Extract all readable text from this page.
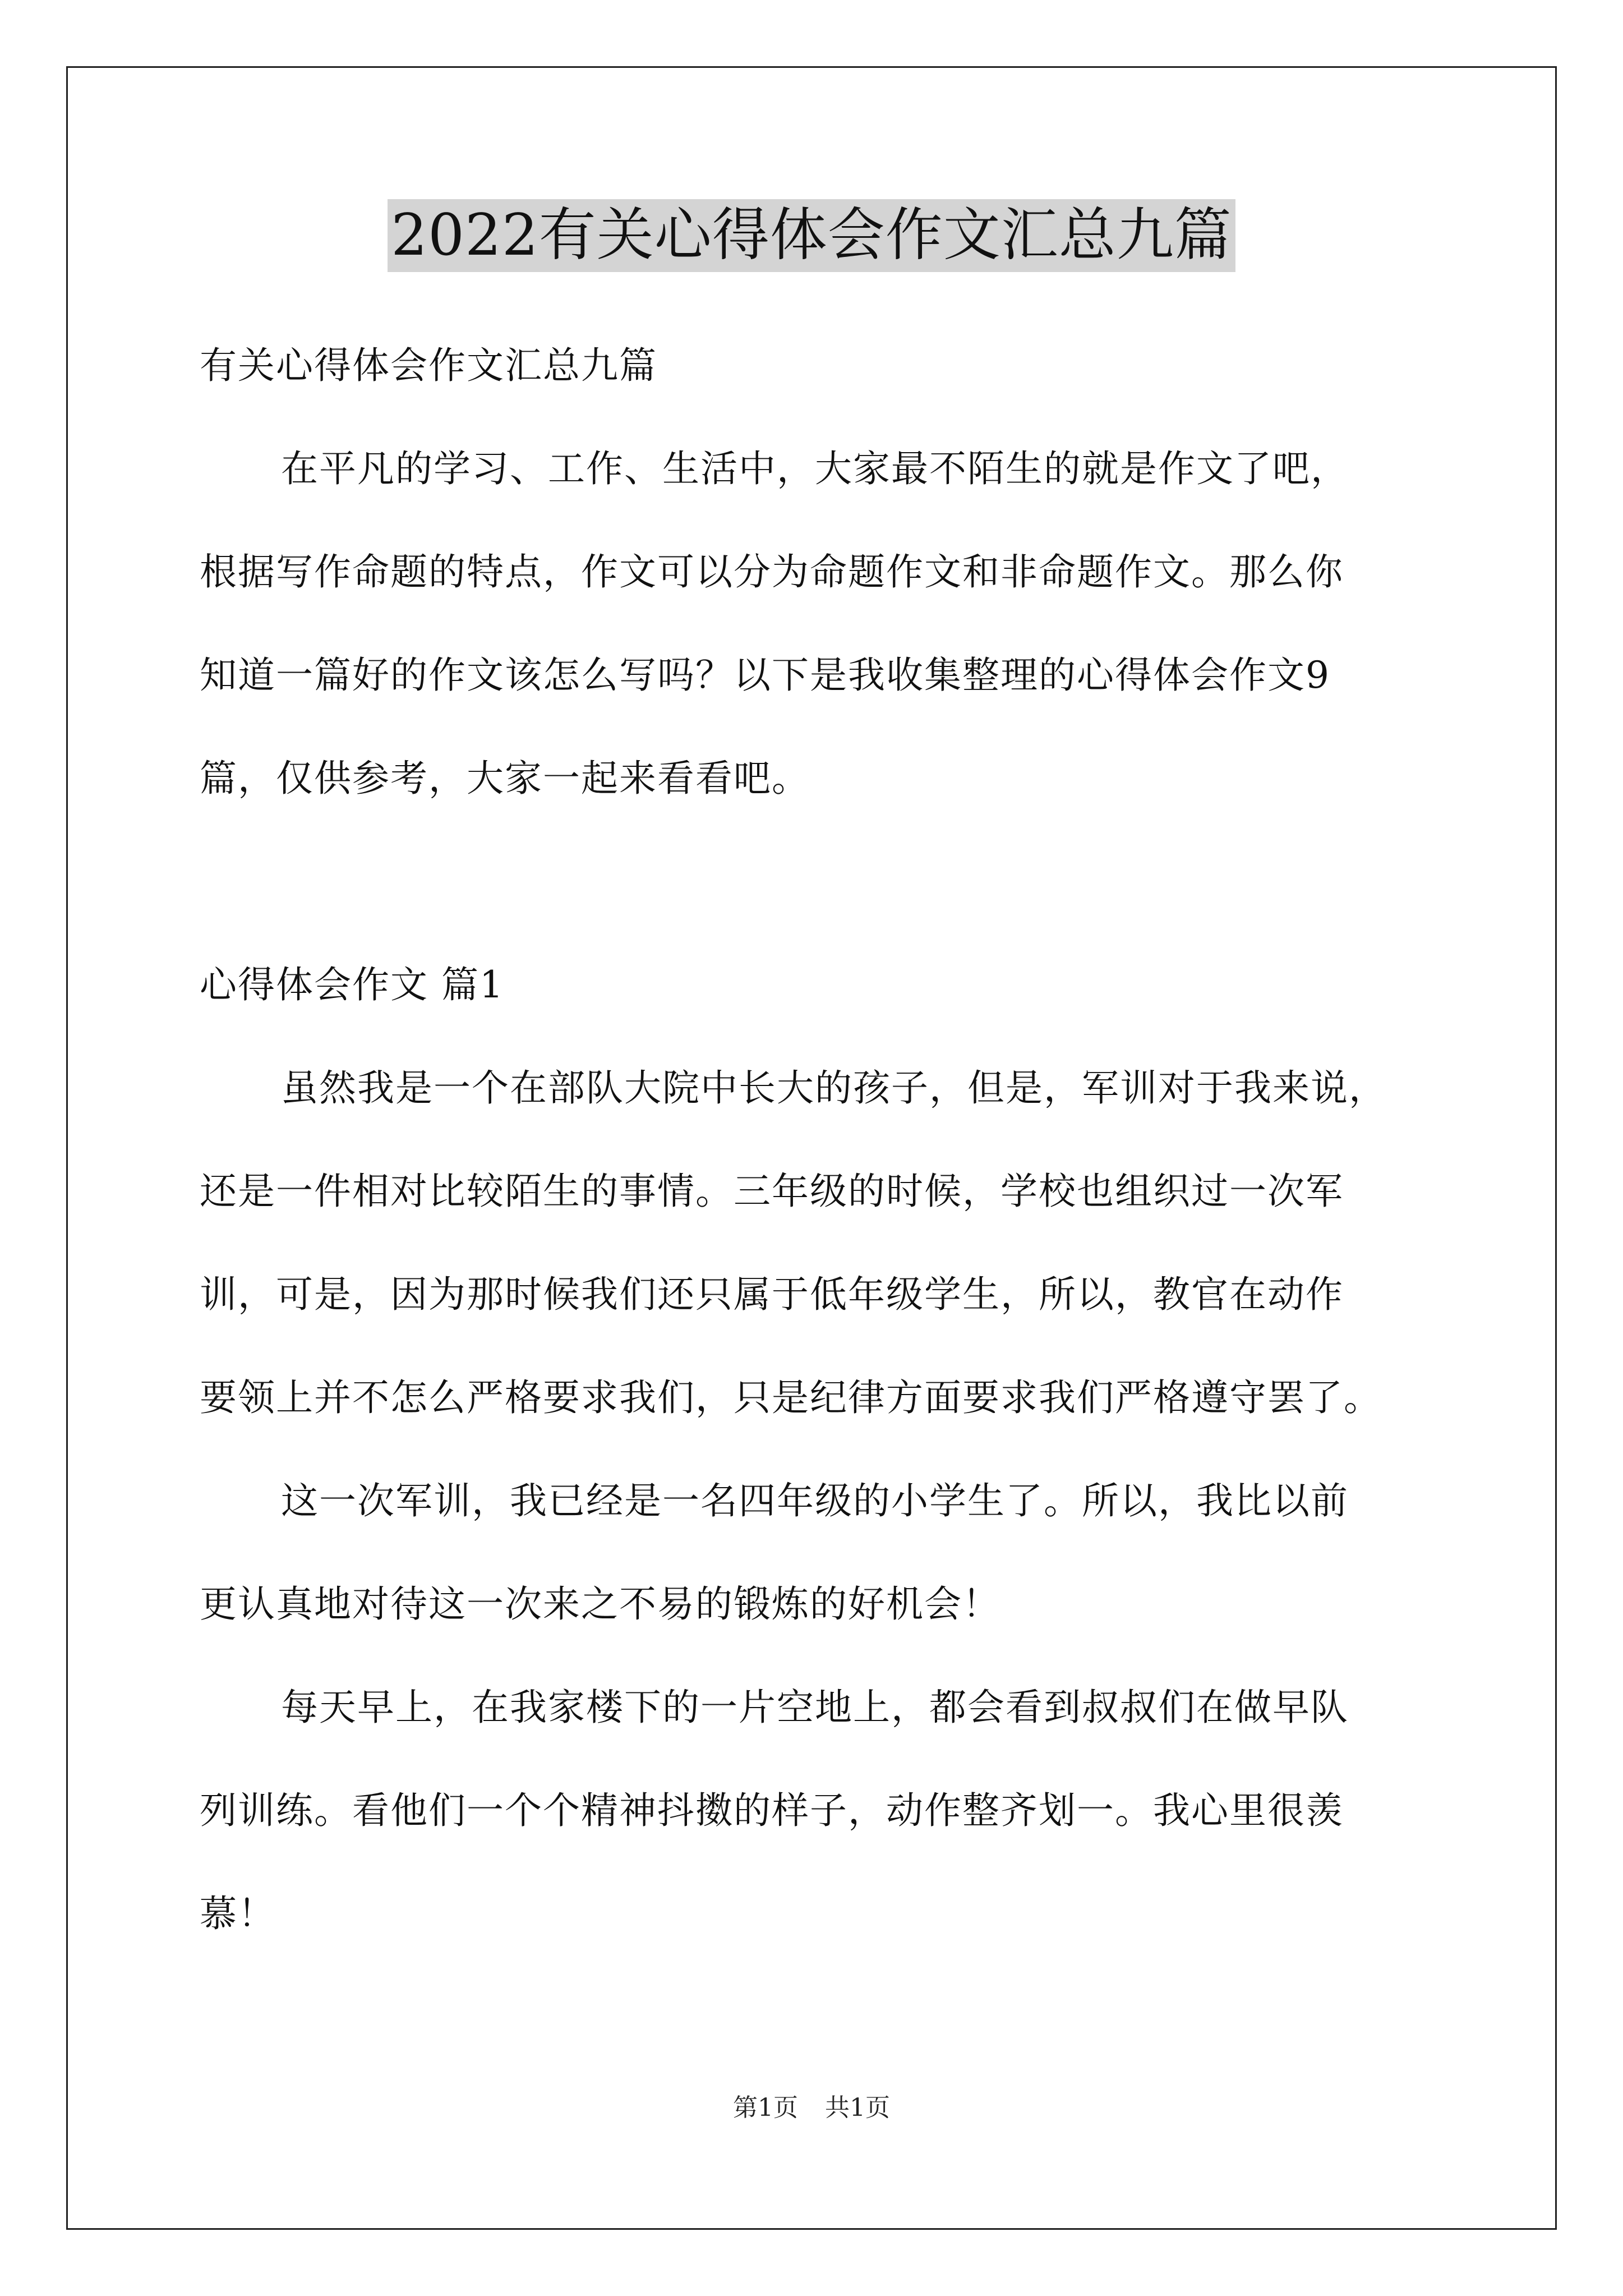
2022有关心得体会作文汇总九篇
有关心得体会作文汇总九篇
在平凡的学习、工作、生活中，大家最不陌生的就是作文了吧，
根据写作命题的特点，作文可以分为命题作文和非命题作文。那么你
知道一篇好的作文该怎么写吗？以下是我收集整理的心得体会作文9
篇，仅供参考，大家一起来看看吧。
心得体会作文 篇1
虽然我是一个在部队大院中长大的孩子，但是，军训对于我来说，
还是一件相对比较陌生的事情。三年级的时候，学校也组织过一次军
训，可是，因为那时候我们还只属于低年级学生，所以，教官在动作
要领上并不怎么严格要求我们，只是纪律方面要求我们严格遵守罢了。
这一次军训，我已经是一名四年级的小学生了。所以，我比以前
更认真地对待这一次来之不易的锻炼的好机会！
每天早上，在我家楼下的一片空地上，都会看到叔叔们在做早队
列训练。看他们一个个精神抖擞的样子，动作整齐划一。我心里很羡
慕！
第1页 共1页
